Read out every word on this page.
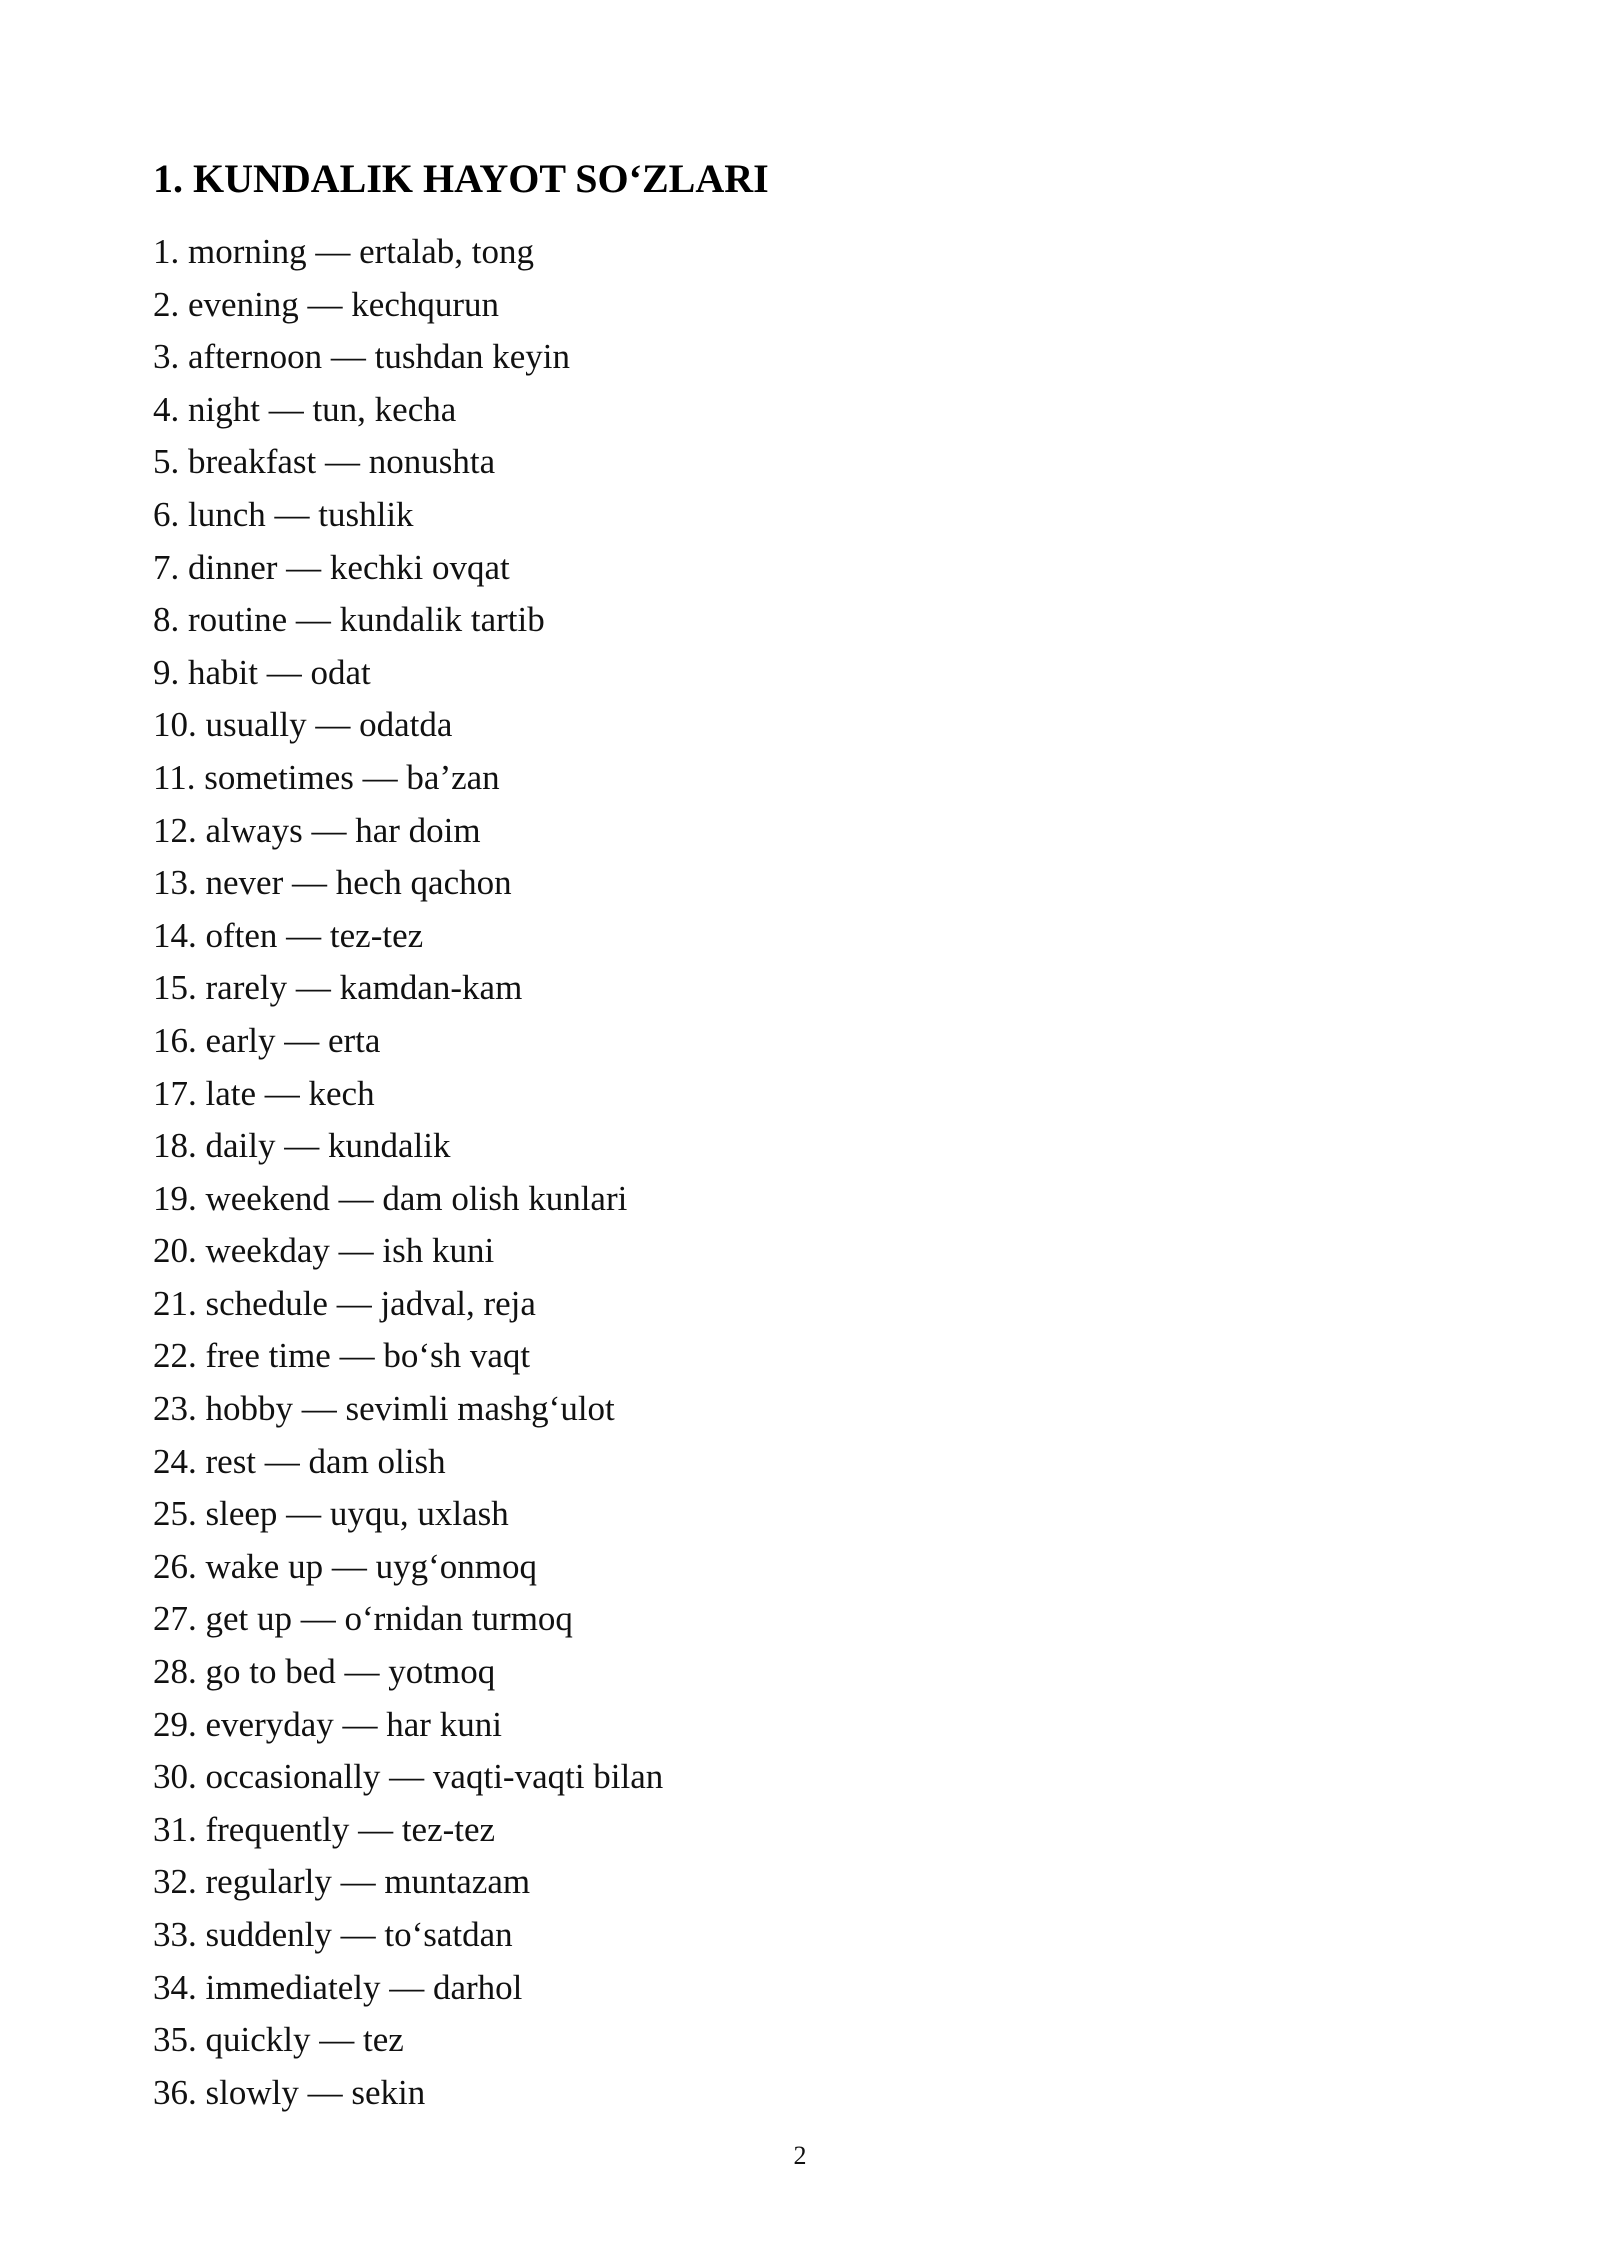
1. KUNDALIK HAYOT SO‘ZLARI
1. morning — ertalab, tong
2. evening — kechqurun
3. afternoon — tushdan keyin
4. night — tun, kecha
5. breakfast — nonushta
6. lunch — tushlik
7. dinner — kechki ovqat
8. routine — kundalik tartib
9. habit — odat
10. usually — odatda
11. sometimes — ba’zan
12. always — har doim
13. never — hech qachon
14. often — tez-tez
15. rarely — kamdan-kam
16. early — erta
17. late — kech
18. daily — kundalik
19. weekend — dam olish kunlari
20. weekday — ish kuni
21. schedule — jadval, reja
22. free time — bo‘sh vaqt
23. hobby — sevimli mashg‘ulot
24. rest — dam olish
25. sleep — uyqu, uxlash
26. wake up — uyg‘onmoq
27. get up — o‘rnidan turmoq
28. go to bed — yotmoq
29. everyday — har kuni
30. occasionally — vaqti-vaqti bilan
31. frequently — tez-tez
32. regularly — muntazam
33. suddenly — to‘satdan
34. immediately — darhol
35. quickly — tez
36. slowly — sekin
2
